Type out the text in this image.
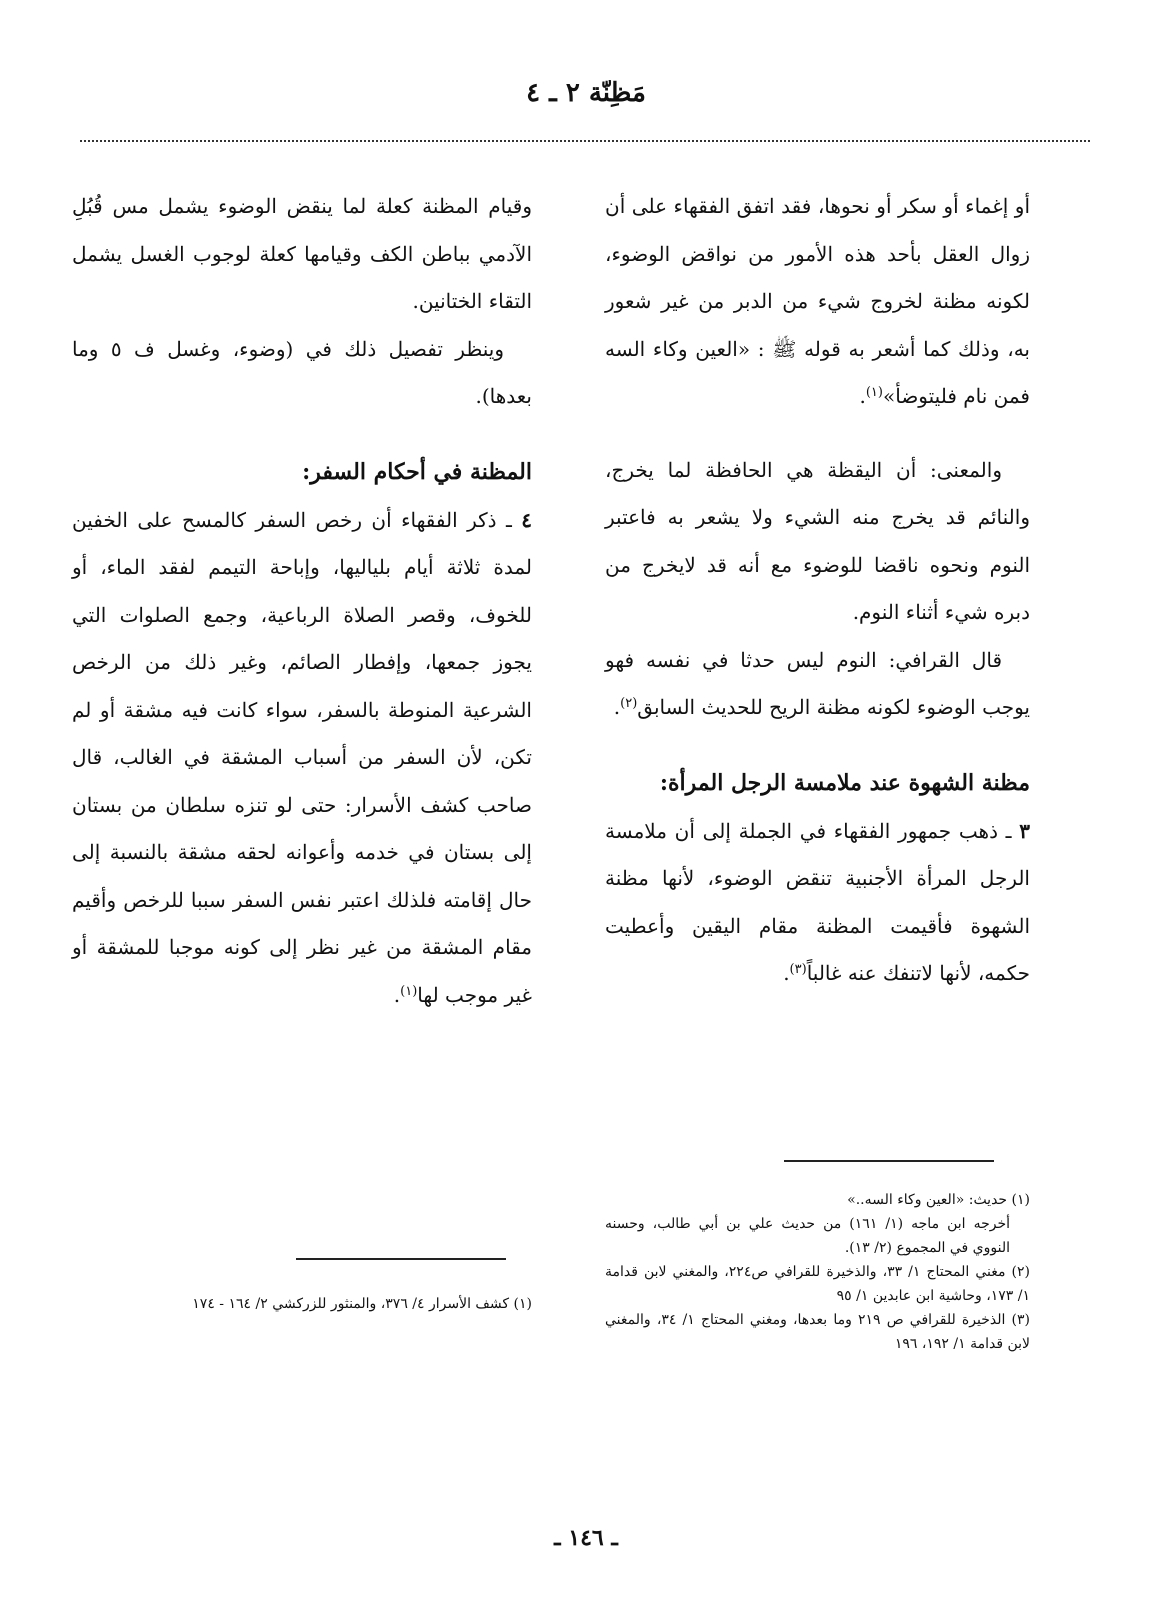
مَظِنّة ٢ ـ ٤

أو إغماء أو سكر أو نحوها، فقد اتفق الفقهاء على أن زوال العقل بأحد هذه الأمور من نواقض الوضوء، لكونه مظنة لخروج شيء من الدبر من غير شعور به، وذلك كما أشعر به قوله ﷺ : «العين وكاء السه فمن نام فليتوضأ»$^{(١)}$.

والمعنى: أن اليقظة هي الحافظة لما يخرج، والنائم قد يخرج منه الشيء ولا يشعر به فاعتبر النوم ونحوه ناقضا للوضوء مع أنه قد لايخرج من دبره شيء أثناء النوم.

قال القرافي: النوم ليس حدثا في نفسه فهو يوجب الوضوء لكونه مظنة الريح للحديث السابق$^{(٢)}$.

مظنة الشهوة عند ملامسة الرجل المرأة:

٣ ـ ذهب جمهور الفقهاء في الجملة إلى أن ملامسة الرجل المرأة الأجنبية تنقض الوضوء، لأنها مظنة الشهوة فأقيمت المظنة مقام اليقين وأعطيت حكمه، لأنها لاتنفك عنه غالباً$^{(٣)}$.

(١) حديث: «العين وكاء السه..»

أخرجه ابن ماجه (١/ ١٦١) من حديث علي بن أبي طالب، وحسنه النووي في المجموع (٢/ ١٣).

(٢) مغني المحتاج ١/ ٣٣، والذخيرة للقرافي ص٢٢٤، والمغني لابن قدامة ١/ ١٧٣، وحاشية ابن عابدين ١/ ٩٥

(٣) الذخيرة للقرافي ص ٢١٩ وما بعدها، ومغني المحتاج ١/ ٣٤، والمغني لابن قدامة ١/ ١٩٢، ١٩٦

وقيام المظنة كعلة لما ينقض الوضوء يشمل مس قُبُلِ الآدمي بباطن الكف وقيامها كعلة لوجوب الغسل يشمل التقاء الختانين.

وينظر تفصيل ذلك في (وضوء، وغسل ف ٥ وما بعدها).

المظنة في أحكام السفر:

٤ ـ ذكر الفقهاء أن رخص السفر كالمسح على الخفين لمدة ثلاثة أيام بلياليها، وإباحة التيمم لفقد الماء، أو للخوف، وقصر الصلاة الرباعية، وجمع الصلوات التي يجوز جمعها، وإفطار الصائم، وغير ذلك من الرخص الشرعية المنوطة بالسفر، سواء كانت فيه مشقة أو لم تكن، لأن السفر من أسباب المشقة في الغالب، قال صاحب كشف الأسرار: حتى لو تنزه سلطان من بستان إلى بستان في خدمه وأعوانه لحقه مشقة بالنسبة إلى حال إقامته فلذلك اعتبر نفس السفر سببا للرخص وأقيم مقام المشقة من غير نظر إلى كونه موجبا للمشقة أو غير موجب لها$^{(١)}$.

(١) كشف الأسرار ٤/ ٣٧٦، والمنثور للزركشي ٢/ ١٦٤ - ١٧٤

ـ ١٤٦ ـ
